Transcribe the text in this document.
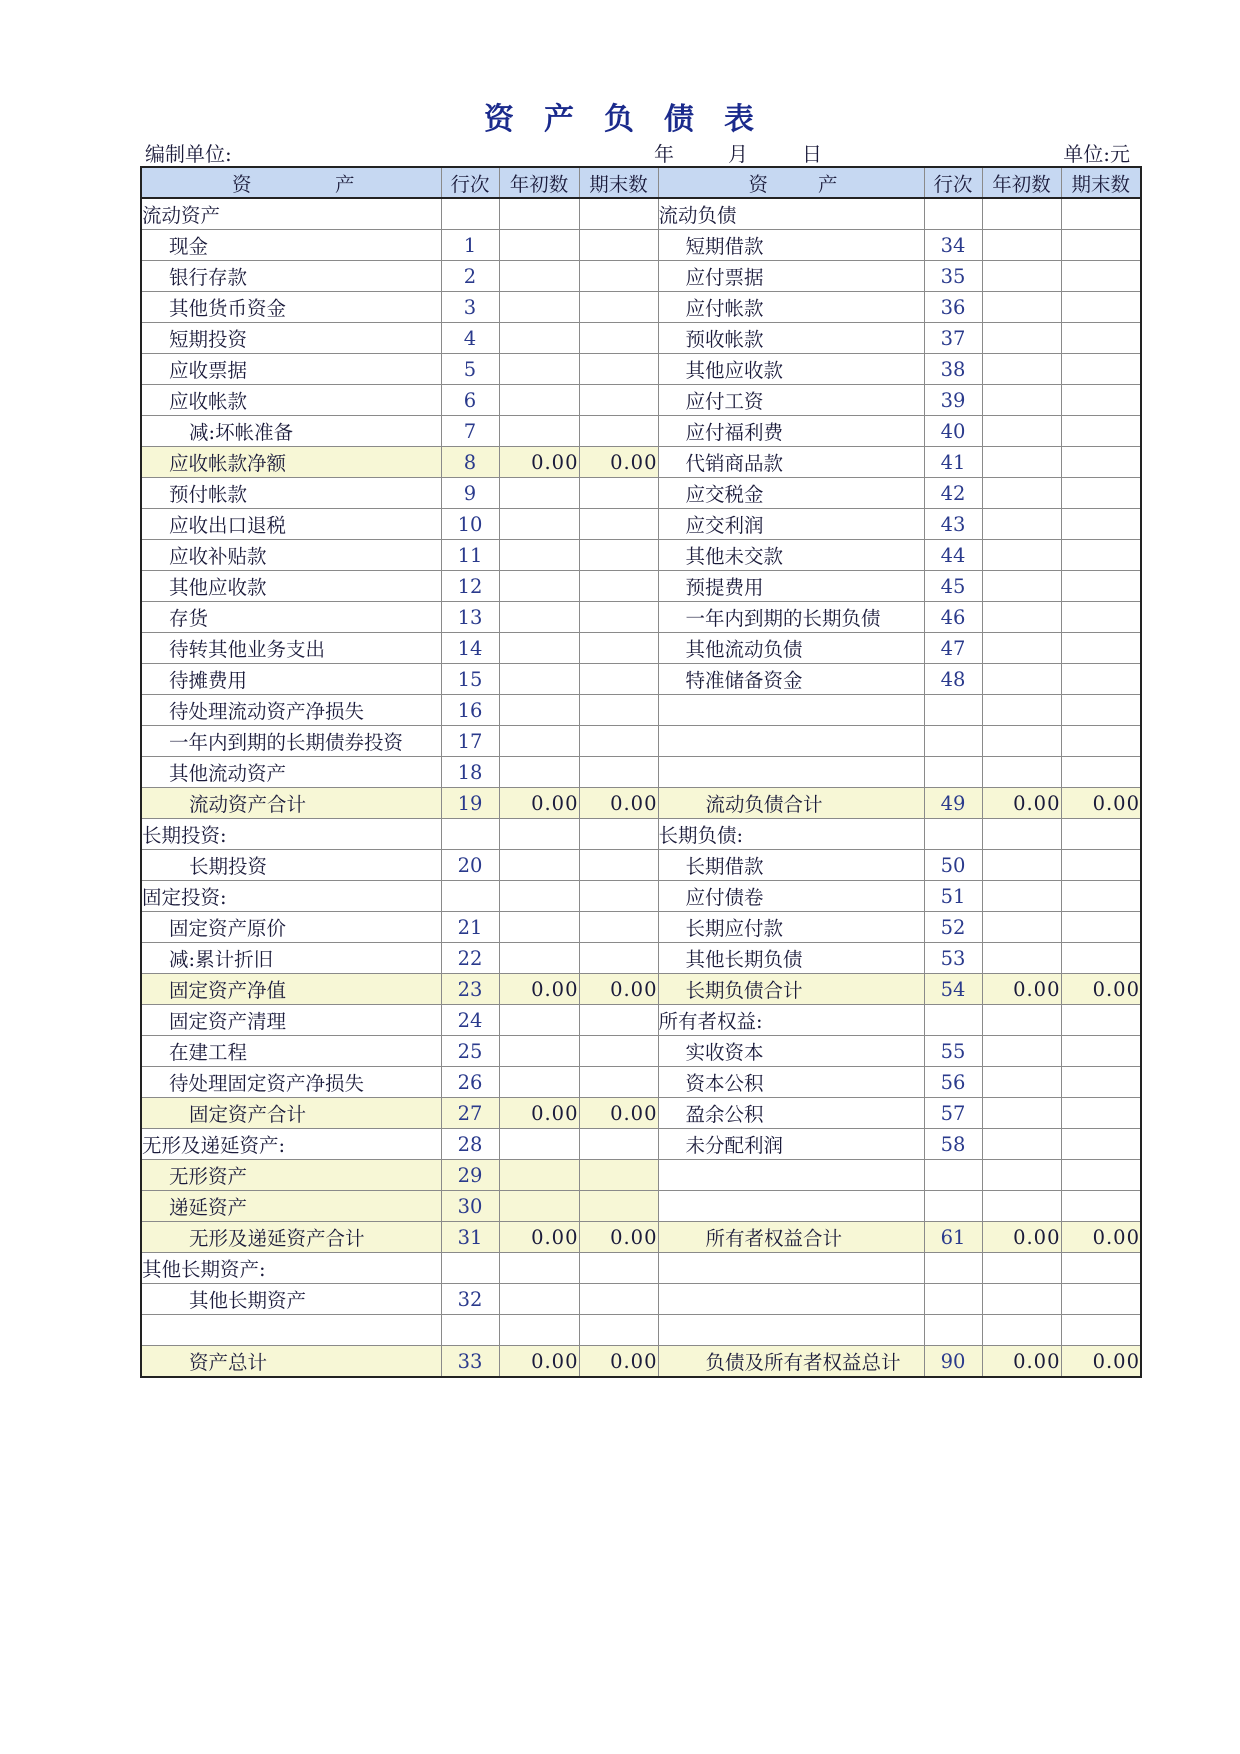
资 产 负 债 表
编制单位:	年	月	日	单位:元
资 产	行次	年初数	期末数	资 产	行次	年初数	期末数
流动资产				流动负债			
现金	1			短期借款	34		
银行存款	2			应付票据	35		
其他货币资金	3			应付帐款	36		
短期投资	4			预收帐款	37		
应收票据	5			其他应收款	38		
应收帐款	6			应付工资	39		
减:坏帐准备	7			应付福利费	40		
应收帐款净额	8	0.00	0.00	代销商品款	41		
预付帐款	9			应交税金	42		
应收出口退税	10			应交利润	43		
应收补贴款	11			其他未交款	44		
其他应收款	12			预提费用	45		
存货	13			一年内到期的长期负债	46		
待转其他业务支出	14			其他流动负债	47		
待摊费用	15			特准储备资金	48		
待处理流动资产净损失	16						
一年内到期的长期债券投资	17						
其他流动资产	18						
流动资产合计	19	0.00	0.00	流动负债合计	49	0.00	0.00
长期投资:				长期负债:			
长期投资	20			长期借款	50		
固定投资:				应付债卷	51		
固定资产原价	21			长期应付款	52		
减:累计折旧	22			其他长期负债	53		
固定资产净值	23	0.00	0.00	长期负债合计	54	0.00	0.00
固定资产清理	24			所有者权益:			
在建工程	25			实收资本	55		
待处理固定资产净损失	26			资本公积	56		
固定资产合计	27	0.00	0.00	盈余公积	57		
无形及递延资产:	28			未分配利润	58		
无形资产	29						
递延资产	30						
无形及递延资产合计	31	0.00	0.00	所有者权益合计	61	0.00	0.00
其他长期资产:							
其他长期资产	32						

资产总计	33	0.00	0.00	负债及所有者权益总计	90	0.00	0.00
